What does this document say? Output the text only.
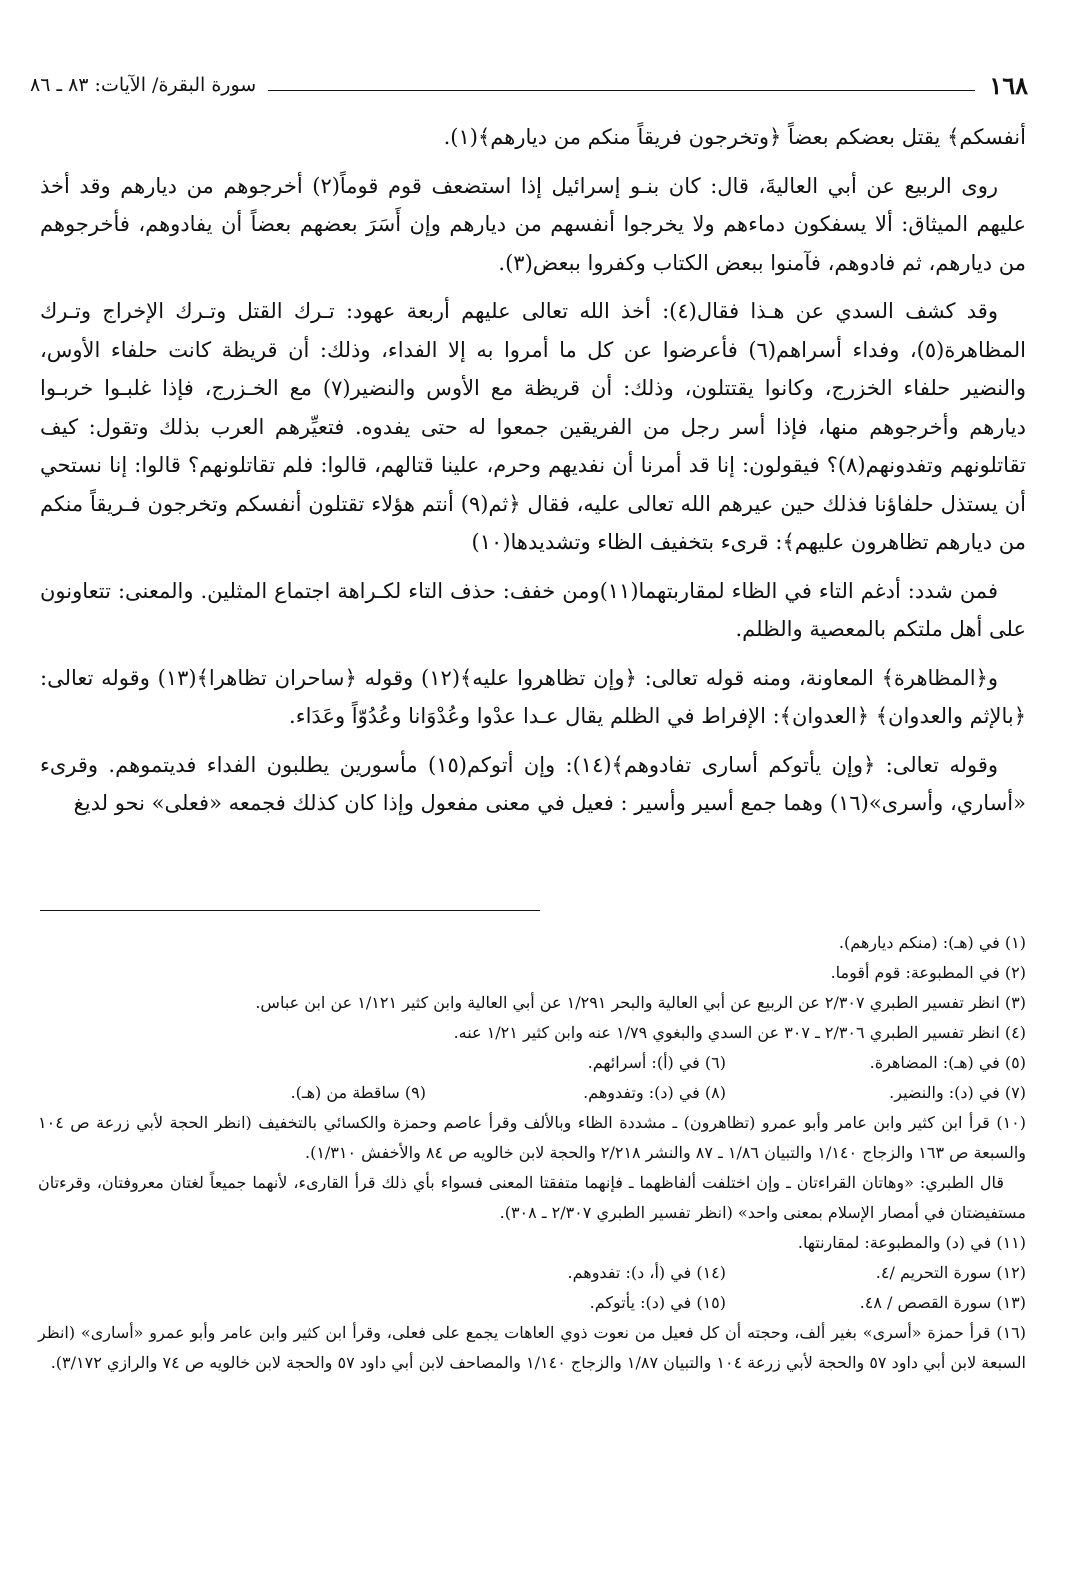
١٦٨
سورة البقرة/ الآيات: ٨٣ ـ ٨٦

أنفسكم﴾ يقتل بعضكم بعضاً ﴿وتخرجون فريقاً منكم من ديارهم﴾(١).

روى الربيع عن أبي العاليةَ، قال: كان بنـو إسرائيل إذا استضعف قوم قوماً(٢) أخرجوهم من ديارهم وقد أخذ عليهم الميثاق: ألا يسفكون دماءهم ولا يخرجوا أنفسهم من ديارهم وإن أَسَرَ بعضهم بعضاً أن يفادوهم، فأخرجوهم من ديارهم، ثم فادوهم، فآمنوا ببعض الكتاب وكفروا ببعض(٣).

وقد كشف السدي عن هـذا فقال(٤): أخذ الله تعالى عليهم أربعة عهود: تـرك القتل وتـرك الإخراج وتـرك المظاهرة(٥)، وفداء أسراهم(٦) فأعرضوا عن كل ما أمروا به إلا الفداء، وذلك: أن قريظة كانت حلفاء الأوس، والنضير حلفاء الخزرج، وكانوا يقتتلون، وذلك: أن قريظة مع الأوس والنضير(٧) مع الخـزرج، فإذا غلبـوا خربـوا ديارهم وأخرجوهم منها، فإذا أسر رجل من الفريقين جمعوا له حتى يفدوه. فتعيِّرهم العرب بذلك وتقول: كيف تقاتلونهم وتفدونهم(٨)؟ فيقولون: إنا قد أمرنا أن نفديهم وحرم، علينا قتالهم، قالوا: فلم تقاتلونهم؟ قالوا: إنا نستحي أن يستذل حلفاؤنا فذلك حين عيرهم الله تعالى عليه، فقال ﴿ثم(٩) أنتم هؤلاء تقتلون أنفسكم وتخرجون فـريقاً منكم من ديارهم تظاهرون عليهم﴾: قرىء بتخفيف الظاء وتشديدها(١٠)

فمن شدد: أدغم التاء في الظاء لمقاربتهما(١١)ومن خفف: حذف التاء لكـراهة اجتماع المثلين. والمعنى: تتعاونون على أهل ملتكم بالمعصية والظلم.

و﴿المظاهرة﴾ المعاونة، ومنه قوله تعالى: ﴿وإن تظاهروا عليه﴾(١٢) وقوله ﴿ساحران تظاهرا﴾(١٣) وقوله تعالى: ﴿بالإثم والعدوان﴾ ﴿العدوان﴾: الإفراط في الظلم يقال عـدا عدْوا وعُدْوَانا وعُدُوّاً وعَدَاء.

وقوله تعالى: ﴿وإن يأتوكم أسارى تفادوهم﴾(١٤): وإن أتوكم(١٥) مأسورين يطلبون الفداء فديتموهم. وقرىء «أساري، وأسرى»(١٦) وهما جمع أسير وأسير : فعيل في معنى مفعول وإذا كان كذلك فجمعه «فعلى» نحو لديغ

(١) في (هـ): (منكم ديارهم).
(٢) في المطبوعة: قوم أقوما.
(٣) انظر تفسير الطبري ٢/٣٠٧ عن الربيع عن أبي العالية والبحر ١/٢٩١ عن أبي العالية وابن كثير ١/١٢١ عن ابن عباس.
(٤) انظر تفسير الطبري ٢/٣٠٦ ـ ٣٠٧ عن السدي والبغوي ١/٧٩ عنه وابن كثير ١/٢١ عنه.
(٥) في (هـ): المضاهرة.
(٦) في (أ): أسرائهم.
(٧) في (د): والنضير.
(٨) في (د): وتفدوهم.
(٩) ساقطة من (هـ).
(١٠) قرأ ابن كثير وابن عامر وأبو عمرو (تظاهرون) ـ مشددة الظاء وبالألف وقرأ عاصم وحمزة والكسائي بالتخفيف (انظر الحجة لأبي زرعة ص ١٠٤ والسبعة ص ١٦٣ والزجاج ١/١٤٠ والتبيان ١/٨٦ ـ ٨٧ والنشر ٢/٢١٨ والحجة لابن خالويه ص ٨٤ والأخفش ١/٣١٠).
قال الطبري: «وهاتان القراءتان ـ وإن اختلفت ألفاظهما ـ فإنهما متفقتا المعنى فسواء بأي ذلك قرأ القارىء، لأنهما جميعاً لغتان معروفتان، وقرءتان مستفيضتان في أمصار الإسلام بمعنى واحد» (انظر تفسير الطبري ٢/٣٠٧ ـ ٣٠٨).
(١١) في (د) والمطبوعة: لمقارنتها.
(١٢) سورة التحريم /٤.
(١٤) في (أ، د): تفدوهم.
(١٣) سورة القصص / ٤٨.
(١٥) في (د): يأتوكم.
(١٦) قرأ حمزة «أسرى» بغير ألف، وحجته أن كل فعيل من نعوت ذوي العاهات يجمع على فعلى، وقرأ ابن كثير وابن عامر وأبو عمرو «أسارى» (انظر السبعة لابن أبي داود ٥٧ والحجة لأبي زرعة ١٠٤ والتبيان ١/٨٧ والزجاج ١/١٤٠ والمصاحف لابن أبي داود ٥٧ والحجة لابن خالويه ص ٧٤ والرازي ٣/١٧٢).
